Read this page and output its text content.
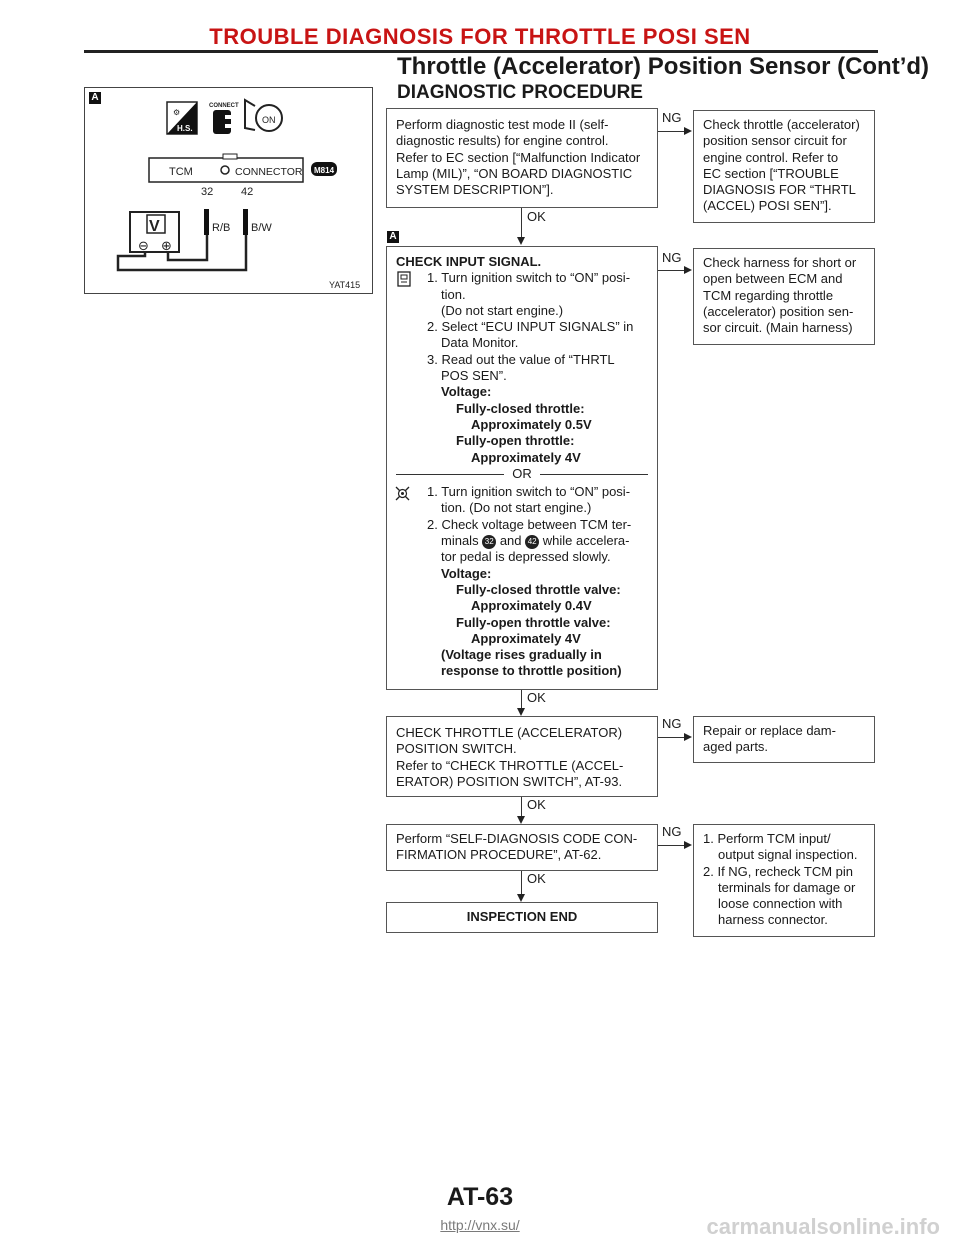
TROUBLE DIAGNOSIS FOR THROTTLE POSI SEN
Throttle (Accelerator) Position Sensor (Cont’d)
DIAGNOSTIC PROCEDURE
A
⚙
H.S.
CONNECT
ON
TCM	CONNECTOR M814
32	42
R/B B/W
V
⊖ ⊕
YAT415
Perform diagnostic test mode II (self-
diagnostic results) for engine control.
Refer to EC section [“Malfunction Indicator
Lamp (MIL)”, “ON BOARD DIAGNOSTIC
SYSTEM DESCRIPTION”].
NG Check throttle (accelerator)
position sensor circuit for
engine control. Refer to
EC section [“TROUBLE
DIAGNOSIS FOR “THRTL
(ACCEL) POSI SEN”].
OK
A
CHECK INPUT SIGNAL.
1. Turn ignition switch to “ON” posi-
tion.
(Do not start engine.)
2. Select “ECU INPUT SIGNALS” in
Data Monitor.
3. Read out the value of “THRTL
POS SEN”.
Voltage:
Fully-closed throttle:
Approximately 0.5V
Fully-open throttle:
Approximately 4V
OR
1. Turn ignition switch to “ON” posi-
tion. (Do not start engine.)
2. Check voltage between TCM ter-
minals 32 and 42 while accelera-
tor pedal is depressed slowly.
Voltage:
Fully-closed throttle valve:
Approximately 0.4V
Fully-open throttle valve:
Approximately 4V
(Voltage rises gradually in
response to throttle position)
NG Check harness for short or
open between ECM and
TCM regarding throttle
(accelerator) position sen-
sor circuit. (Main harness)
OK
CHECK THROTTLE (ACCELERATOR)
POSITION SWITCH.
Refer to “CHECK THROTTLE (ACCEL-
ERATOR) POSITION SWITCH”, AT-93.
NG Repair or replace dam-
aged parts.
OK
Perform “SELF-DIAGNOSIS CODE CON-
FIRMATION PROCEDURE”, AT-62.
NG 1. Perform TCM input/
output signal inspection.
2. If NG, recheck TCM pin
terminals for damage or
loose connection with
harness connector.
OK
INSPECTION END
AT-63
http://vnx.su/	carmanualsonline.info
